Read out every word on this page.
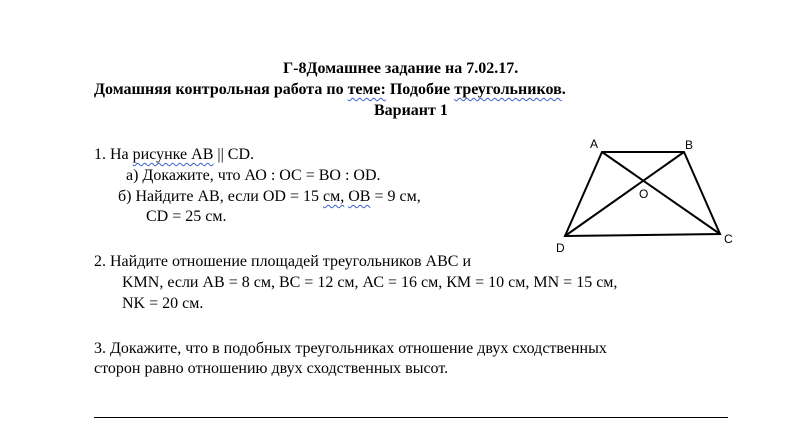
Г-8Домашнее задание на 7.02.17.
Домашняя контрольная работа по теме: Подобие треугольников.
Вариант 1
1. На рисунке АВ || CD.
а) Докажите, что АО : ОС = ВО : OD.
б) Найдите АВ, если OD = 15 см, ОВ = 9 см,
CD = 25 см.
A	B
O
D
C
2. Найдите отношение площадей треугольников АВС и
KMN, если АВ = 8 см, ВС = 12 см, АС = 16 см, КМ = 10 см, MN = 15 см,
NK = 20 см.
3. Докажите, что в подобных треугольниках отношение двух сходственных
сторон равно отношению двух сходственных высот.
